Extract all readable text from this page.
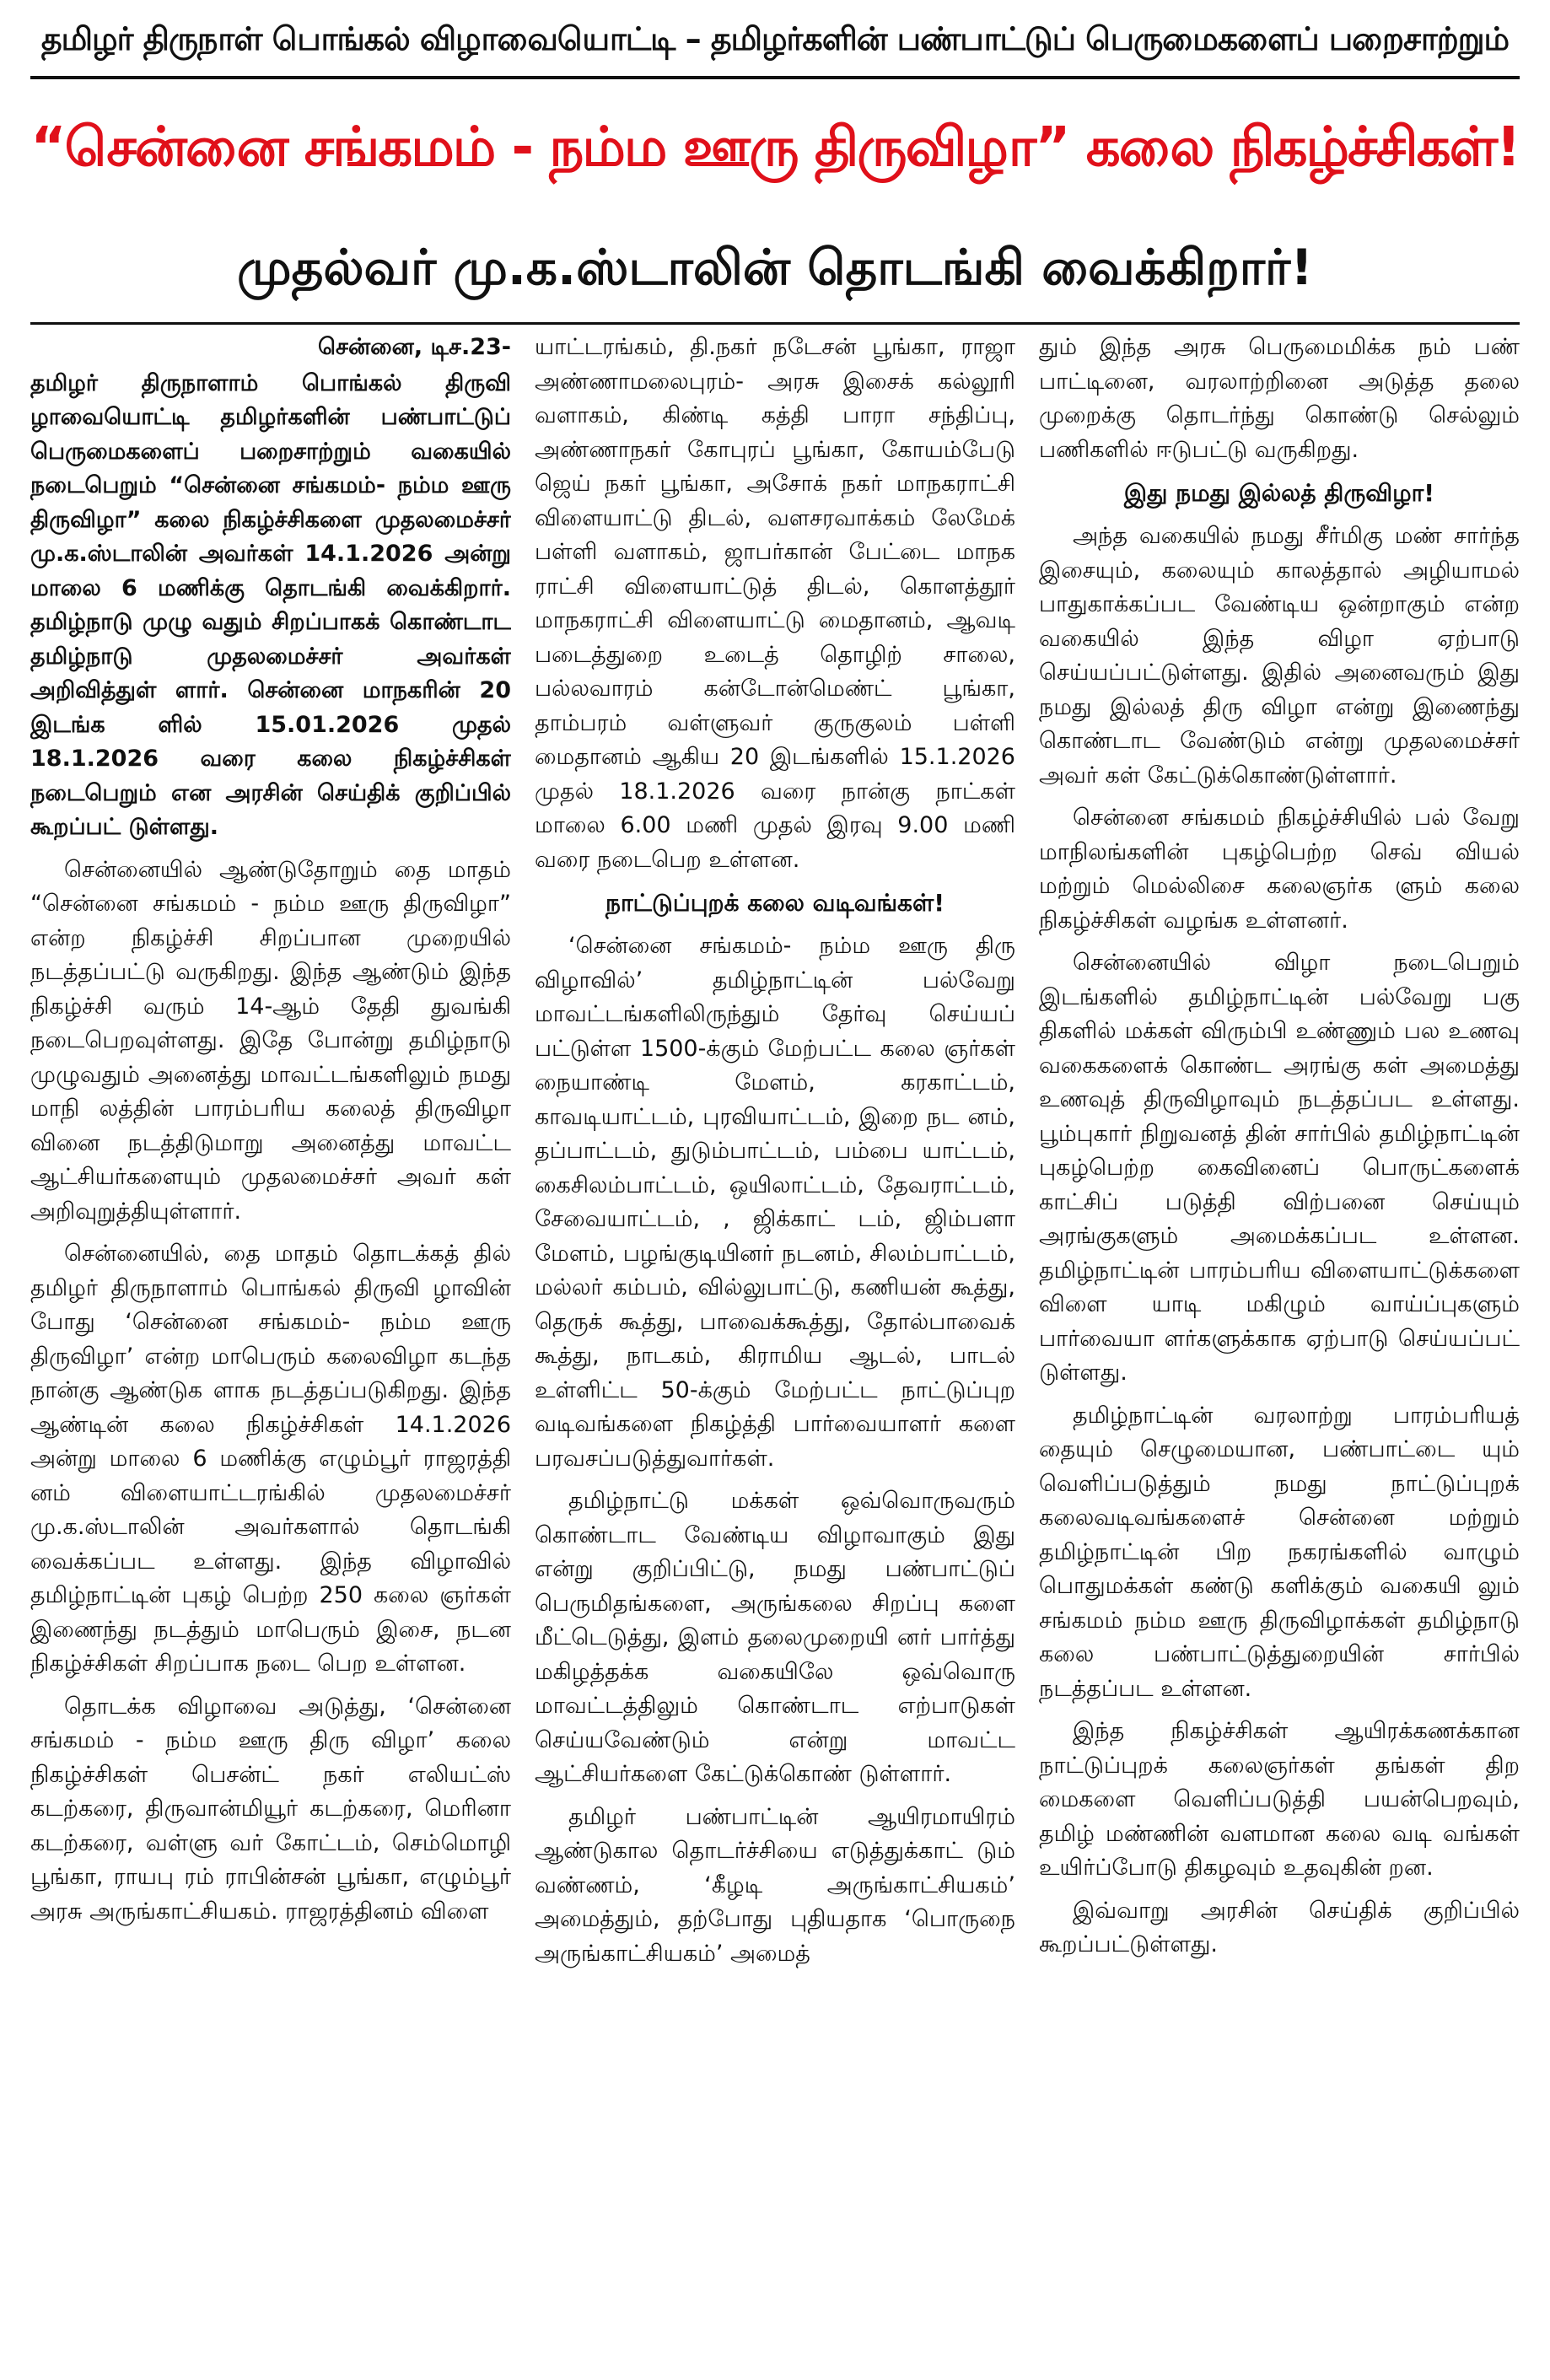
தமிழர் திருநாள் பொங்கல் விழாவையொட்டி – தமிழர்களின் பண்பாட்டுப் பெருமைகளைப் பறைசாற்றும்
“சென்னை சங்கமம் - நம்ம ஊரு திருவிழா” கலை நிகழ்ச்சிகள்!
முதல்வர் மு.க.ஸ்டாலின் தொடங்கி வைக்கிறார்!
சென்னை, டிச.23-

தமிழர் திருநாளாம் பொங்கல் திருவி ழாவையொட்டி தமிழர்களின் பண்பாட்டுப் பெருமைகளைப் பறைசாற்றும் வகையில் நடைபெறும் “சென்னை சங்கமம்- நம்ம ஊரு திருவிழா” கலை நிகழ்ச்சிகளை முதலமைச்சர் மு.க.ஸ்டாலின் அவர்கள் 14.1.2026 அன்று மாலை 6 மணிக்கு தொடங்கி வைக்கிறார். தமிழ்நாடு முழு வதும் சிறப்பாகக் கொண்டாட தமிழ்நாடு முதலமைச்சர் அவர்கள் அறிவித்துள் ளார். சென்னை மாநகரின் 20 இடங்க ளில் 15.01.2026 முதல் 18.1.2026 வரை கலை நிகழ்ச்சிகள் நடைபெறும் என அரசின் செய்திக் குறிப்பில் கூறப்பட் டுள்ளது.

சென்னையில் ஆண்டுதோறும் தை மாதம் “சென்னை சங்கமம் - நம்ம ஊரு திருவிழா” என்ற நிகழ்ச்சி சிறப்பான முறையில் நடத்தப்பட்டு வருகிறது. இந்த ஆண்டும் இந்த நிகழ்ச்சி வரும் 14-ஆம் தேதி துவங்கி நடைபெறவுள்ளது. இதே போன்று தமிழ்நாடு முழுவதும் அனைத்து மாவட்டங்களிலும் நமது மாநி லத்தின் பாரம்பரிய கலைத் திருவிழா வினை நடத்திடுமாறு அனைத்து மாவட்ட ஆட்சியர்களையும் முதலமைச்சர் அவர் கள் அறிவுறுத்தியுள்ளார்.

சென்னையில், தை மாதம் தொடக்கத் தில் தமிழர் திருநாளாம் பொங்கல் திருவி ழாவின் போது ‘சென்னை சங்கமம்- நம்ம ஊரு திருவிழா’ என்ற மாபெரும் கலைவிழா கடந்த நான்கு ஆண்டுக ளாக நடத்தப்படுகிறது. இந்த ஆண்டின் கலை நிகழ்ச்சிகள் 14.1.2026 அன்று மாலை 6 மணிக்கு எழும்பூர் ராஜரத்தி னம் விளையாட்டரங்கில் முதலமைச்சர் மு.க.ஸ்டாலின் அவர்களால் தொடங்கி வைக்கப்பட உள்ளது. இந்த விழாவில் தமிழ்நாட்டின் புகழ் பெற்ற 250 கலை ஞர்கள் இணைந்து நடத்தும் மாபெரும் இசை, நடன நிகழ்ச்சிகள் சிறப்பாக நடை பெற உள்ளன.

தொடக்க விழாவை அடுத்து, ‘சென்னை சங்கமம் - நம்ம ஊரு திரு விழா’ கலை நிகழ்ச்சிகள் பெசன்ட் நகர் எலியட்ஸ் கடற்கரை, திருவான்மியூர் கடற்கரை, மெரினா கடற்கரை, வள்ளு வர் கோட்டம், செம்மொழி பூங்கா, ராயபு ரம் ராபின்சன் பூங்கா, எழும்பூர் அரசு அருங்காட்சியகம். ராஜரத்தினம் விளை

யாட்டரங்கம், தி.நகர் நடேசன் பூங்கா, ராஜா அண்ணாமலைபுரம்- அரசு இசைக் கல்லூரி வளாகம், கிண்டி கத்தி பாரா சந்திப்பு, அண்ணாநகர் கோபுரப் பூங்கா, கோயம்பேடு ஜெய் நகர் பூங்கா, அசோக் நகர் மாநகராட்சி விளையாட்டு திடல், வளசரவாக்கம் லேமேக் பள்ளி வளாகம், ஜாபர்கான் பேட்டை மாநக ராட்சி விளையாட்டுத் திடல், கொளத்தூர் மாநகராட்சி விளையாட்டு மைதானம், ஆவடி படைத்துறை உடைத் தொழிற் சாலை, பல்லவாரம் கன்டோன்மெண்ட் பூங்கா, தாம்பரம் வள்ளுவர் குருகுலம் பள்ளி மைதானம் ஆகிய 20 இடங்களில் 15.1.2026 முதல் 18.1.2026 வரை நான்கு நாட்கள் மாலை 6.00 மணி முதல் இரவு 9.00 மணி வரை நடைபெற உள்ளன.

நாட்டுப்புறக் கலை வடிவங்கள்!

‘சென்னை சங்கமம்- நம்ம ஊரு திரு விழாவில்’ தமிழ்நாட்டின் பல்வேறு மாவட்டங்களிலிருந்தும் தேர்வு செய்யப் பட்டுள்ள 1500-க்கும் மேற்பட்ட கலை ஞர்கள் நையாண்டி மேளம், கரகாட்டம், காவடியாட்டம், புரவியாட்டம், இறை நட னம், தப்பாட்டம், துடும்பாட்டம், பம்பை யாட்டம், கைசிலம்பாட்டம், ஒயிலாட்டம், தேவராட்டம், சேவையாட்டம், , ஜிக்காட் டம், ஜிம்பளா மேளம், பழங்குடியினர் நடனம், சிலம்பாட்டம், மல்லர் கம்பம், வில்லுபாட்டு, கணியன் கூத்து, தெருக் கூத்து, பாவைக்கூத்து, தோல்பாவைக் கூத்து, நாடகம், கிராமிய ஆடல், பாடல் உள்ளிட்ட 50-க்கும் மேற்பட்ட நாட்டுப்புற வடிவங்களை நிகழ்த்தி பார்வையாளர் களை பரவசப்படுத்துவார்கள்.

தமிழ்நாட்டு மக்கள் ஒவ்வொருவரும் கொண்டாட வேண்டிய விழாவாகும் இது என்று குறிப்பிட்டு, நமது பண்பாட்டுப் பெருமிதங்களை, அருங்கலை சிறப்பு களை மீட்டெடுத்து, இளம் தலைமுறையி னர் பார்த்து மகிழத்தக்க வகையிலே ஒவ்வொரு மாவட்டத்திலும் கொண்டாட எற்பாடுகள் செய்யவேண்டும் என்று மாவட்ட ஆட்சியர்களை கேட்டுக்கொண் டுள்ளார்.

தமிழர் பண்பாட்டின் ஆயிரமாயிரம் ஆண்டுகால தொடர்ச்சியை எடுத்துக்காட் டும் வண்ணம், ‘கீழடி அருங்காட்சியகம்’ அமைத்தும், தற்போது புதியதாக ‘பொருநை அருங்காட்சியகம்’ அமைத்

தும் இந்த அரசு பெருமைமிக்க நம் பண் பாட்டினை, வரலாற்றினை அடுத்த தலை முறைக்கு தொடர்ந்து கொண்டு செல்லும் பணிகளில் ஈடுபட்டு வருகிறது.

இது நமது இல்லத் திருவிழா!

அந்த வகையில் நமது சீர்மிகு மண் சார்ந்த இசையும், கலையும் காலத்தால் அழியாமல் பாதுகாக்கப்பட வேண்டிய ஒன்றாகும் என்ற வகையில் இந்த விழா ஏற்பாடு செய்யப்பட்டுள்ளது. இதில் அனைவரும் இது நமது இல்லத் திரு விழா என்று இணைந்து கொண்டாட வேண்டும் என்று முதலமைச்சர் அவர் கள் கேட்டுக்கொண்டுள்ளார்.

சென்னை சங்கமம் நிகழ்ச்சியில் பல் வேறு மாநிலங்களின் புகழ்பெற்ற செவ் வியல் மற்றும் மெல்லிசை கலைஞர்க ளும் கலை நிகழ்ச்சிகள் வழங்க உள்ளனர்.

சென்னையில் விழா நடைபெறும் இடங்களில் தமிழ்நாட்டின் பல்வேறு பகு திகளில் மக்கள் விரும்பி உண்ணும் பல உணவு வகைகளைக் கொண்ட அரங்கு கள் அமைத்து உணவுத் திருவிழாவும் நடத்தப்பட உள்ளது. பூம்புகார் நிறுவனத் தின் சார்பில் தமிழ்நாட்டின் புகழ்பெற்ற கைவினைப் பொருட்களைக் காட்சிப் படுத்தி விற்பனை செய்யும் அரங்குகளும் அமைக்கப்பட உள்ளன. தமிழ்நாட்டின் பாரம்பரிய விளையாட்டுக்களை விளை யாடி மகிழும் வாய்ப்புகளும் பார்வையா ளர்களுக்காக ஏற்பாடு செய்யப்பட் டுள்ளது.

தமிழ்நாட்டின் வரலாற்று பாரம்பரியத் தையும் செழுமையான, பண்பாட்டை யும் வெளிப்படுத்தும் நமது நாட்டுப்புறக் கலைவடிவங்களைச் சென்னை மற்றும் தமிழ்நாட்டின் பிற நகரங்களில் வாழும் பொதுமக்கள் கண்டு களிக்கும் வகையி லும் சங்கமம் நம்ம ஊரு திருவிழாக்கள் தமிழ்நாடு கலை பண்பாட்டுத்துறையின் சார்பில் நடத்தப்பட உள்ளன.

இந்த நிகழ்ச்சிகள் ஆயிரக்கணக்கான நாட்டுப்புறக் கலைஞர்கள் தங்கள் திற மைகளை வெளிப்படுத்தி பயன்பெறவும், தமிழ் மண்ணின் வளமான கலை வடி வங்கள் உயிர்ப்போடு திகழவும் உதவுகின் றன.

இவ்வாறு அரசின் செய்திக் குறிப்பில் கூறப்பட்டுள்ளது.
